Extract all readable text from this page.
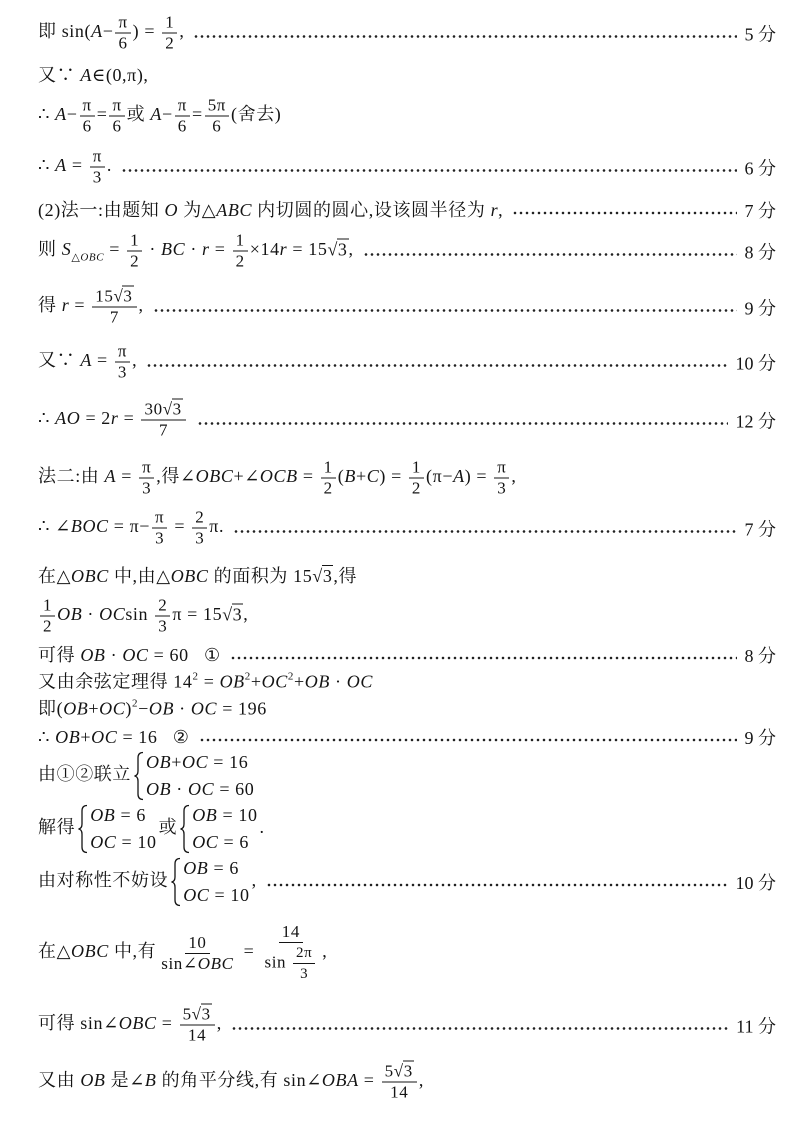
即 $\sin(A- \frac{\pi}{6}$ ) = $\frac{1}{2}$ ,	5 分
又∵ A∈(0,π),
∴ $A- \frac{\pi}{6} = \frac{\pi}{6}$ 或 $A- \frac{\pi}{6} = \frac{5\pi}{6}$ (舍去)
∴ $A = \frac{\pi}{3}$ .	6 分
(2)法一:由题知 O 为△ABC 内切圆的圆心,设该圆半径为 r,	7 分
则 $S_{\triangle OBC} = \frac{1}{2}$ · BC · $r = \frac{1}{2} \times 14r = 15√$ 3,	8 分
得 $r = \frac{15√ 3}{7}$ ,	9 分
又∵ $A = \frac{\pi}{3}$ ,	10 分
∴ AO = $2r = \frac{30√ 3}{7}$	12 分
法二:由 $A = \frac{\pi}{3}$ ,得∠OBC+∠OCB = $\frac{1}{2} (B+C) = \frac{1}{2} (\pi-A) = \frac{\pi}{3}$ ,
∴ ∠BOC = $\pi- \frac{\pi}{3} = \frac{2}{3} \pi$.	7 分
在△OBC 中,由△OBC 的面积为 15√ 3,得
$\frac{1}{2}$ OB · OCsin $\frac{2}{3}$ π = 15√ 3,
可得 OB · OC = 60   ①	8 分
又由余弦定理得 $14^2 = OB^2+OC^2+OB$ · OC
即$(OB+OC)^2-OB$ · OC = 196
∴ OB+OC = 16   ②	9 分
由①②联立
OB+OC = 16
OB · OC = 60
解得
OB = 6
OC = 10
或
OB = 10
OC = 6
.
由对称性不妨设
OB = 6
OC = 10
,	10 分
在△OBC 中,有 $\frac{10}{\text{sin∠OBC}} = \frac{14}{\sin \frac{2\pi}{3}}$ ,
可得 sin∠OBC = $\frac{5√ 3}{14}$ ,	11 分
又由 OB 是∠B 的角平分线,有 sin∠OBA = $\frac{5√ 3}{14}$ ,
